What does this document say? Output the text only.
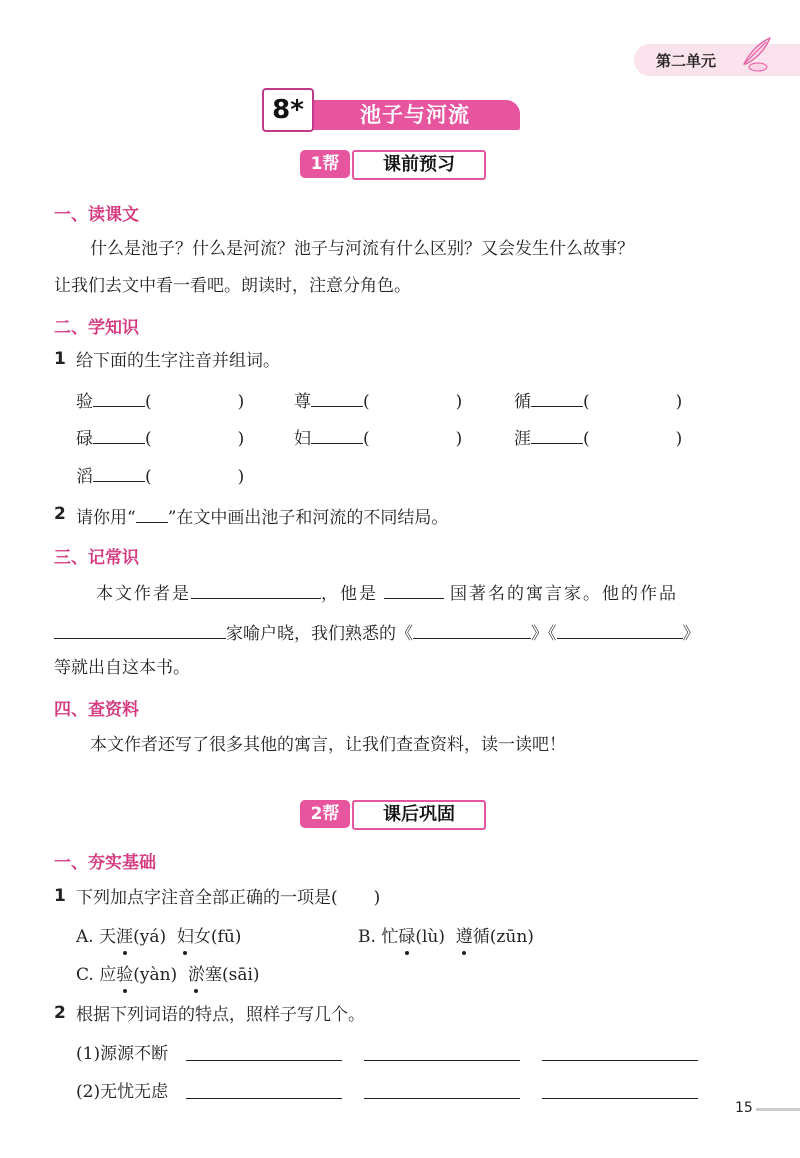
第二单元
池子与河流
8*
1帮	课前预习
一、读课文
什么是池子？什么是河流？池子与河流有什么区别？又会发生什么故事？
让我们去文中看一看吧。朗读时，注意分角色。
二、学知识
1 给下面的生字注音并组词。
验	(	)	尊	(	)	循	(	)
碌	(	)	妇	(	)	涯	(	)
滔	(	)
2 请你用“ ”在文中画出池子和河流的不同结局。
三、记常识
本文作者是	，他是	国著名的寓言家。他的作品
家喻户晓，我们熟悉的《	》《	》
等就出自这本书。
四、查资料
本文作者还写了很多其他的寓言，让我们查查资料，读一读吧！
2帮	课后巩固
一、夯实基础
1 下列加点字注音全部正确的一项是( )
A. 天涯(yá) 妇女(fū)	B. 忙碌(lù) 遵循(zūn)
C. 应验(yàn) 淤塞(sāi)
2 根据下列词语的特点，照样子写几个。
(1)源源不断
(2)无忧无虑
15
